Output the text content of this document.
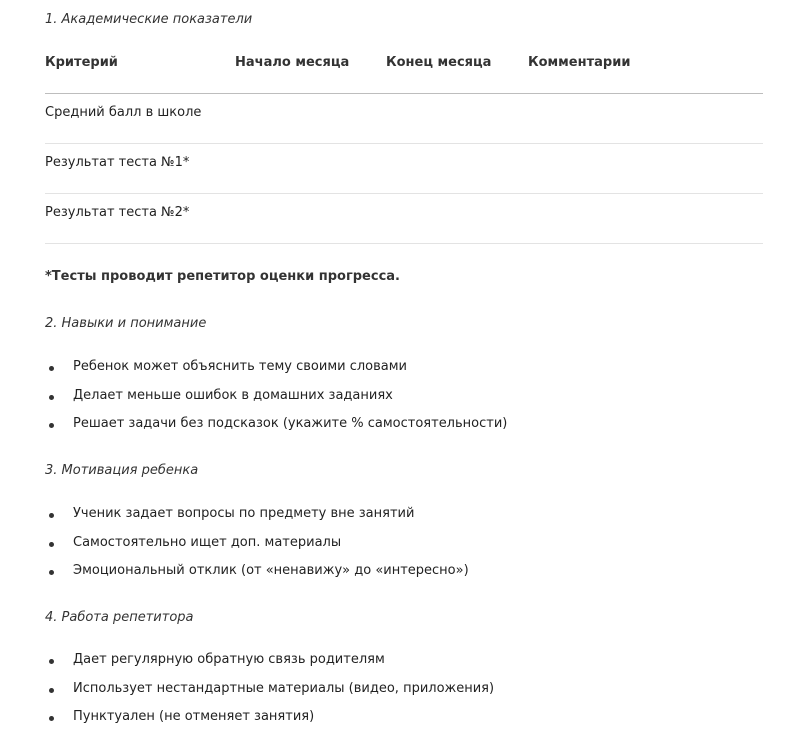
1. Академические показатели
Критерий	Начало месяца	Конец месяца	Комментарии
Средний балл в школе
Результат теста №1*
Результат теста №2*
*Тесты проводит репетитор оценки прогресса.
2. Навыки и понимание
Ребенок может объяснить тему своими словами
Делает меньше ошибок в домашних заданиях
Решает задачи без подсказок (укажите % самостоятельности)
3. Мотивация ребенка
Ученик задает вопросы по предмету вне занятий
Самостоятельно ищет доп. материалы
Эмоциональный отклик (от «ненавижу» до «интересно»)
4. Работа репетитора
Дает регулярную обратную связь родителям
Использует нестандартные материалы (видео, приложения)
Пунктуален (не отменяет занятия)
